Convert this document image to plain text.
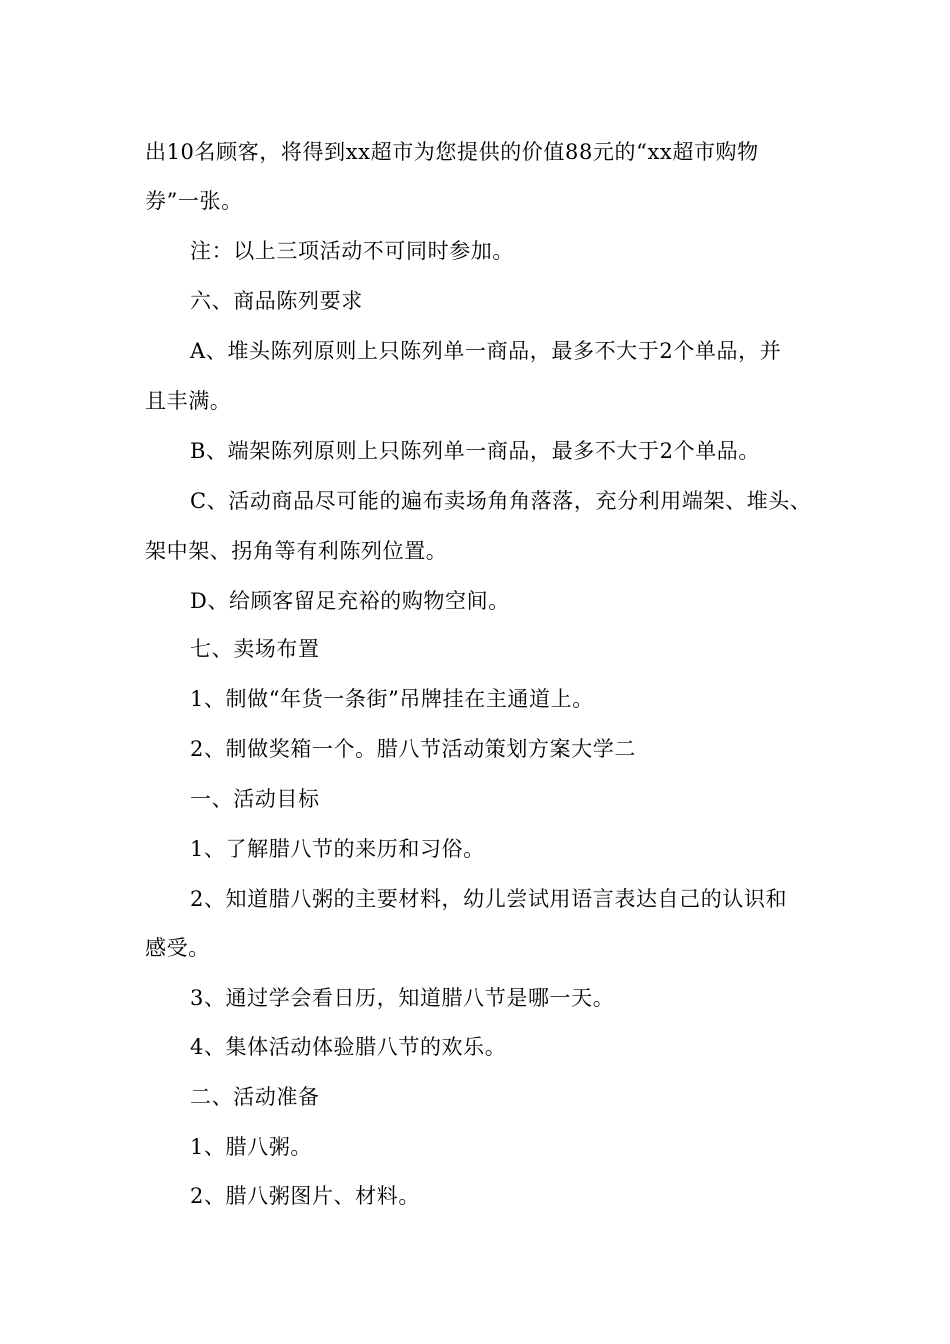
出10名顾客，将得到xx超市为您提供的价值88元的“xx超市购物
券”一张。
注：以上三项活动不可同时参加。
六、商品陈列要求
A、堆头陈列原则上只陈列单一商品，最多不大于2个单品，并
且丰满。
B、端架陈列原则上只陈列单一商品，最多不大于2个单品。
C、活动商品尽可能的遍布卖场角角落落，充分利用端架、堆头、
架中架、拐角等有利陈列位置。
D、给顾客留足充裕的购物空间。
七、卖场布置
1、制做“年货一条街”吊牌挂在主通道上。
2、制做奖箱一个。腊八节活动策划方案大学二
一、活动目标
1、了解腊八节的来历和习俗。
2、知道腊八粥的主要材料，幼儿尝试用语言表达自己的认识和
感受。
3、通过学会看日历，知道腊八节是哪一天。
4、集体活动体验腊八节的欢乐。
二、活动准备
1、腊八粥。
2、腊八粥图片、材料。
